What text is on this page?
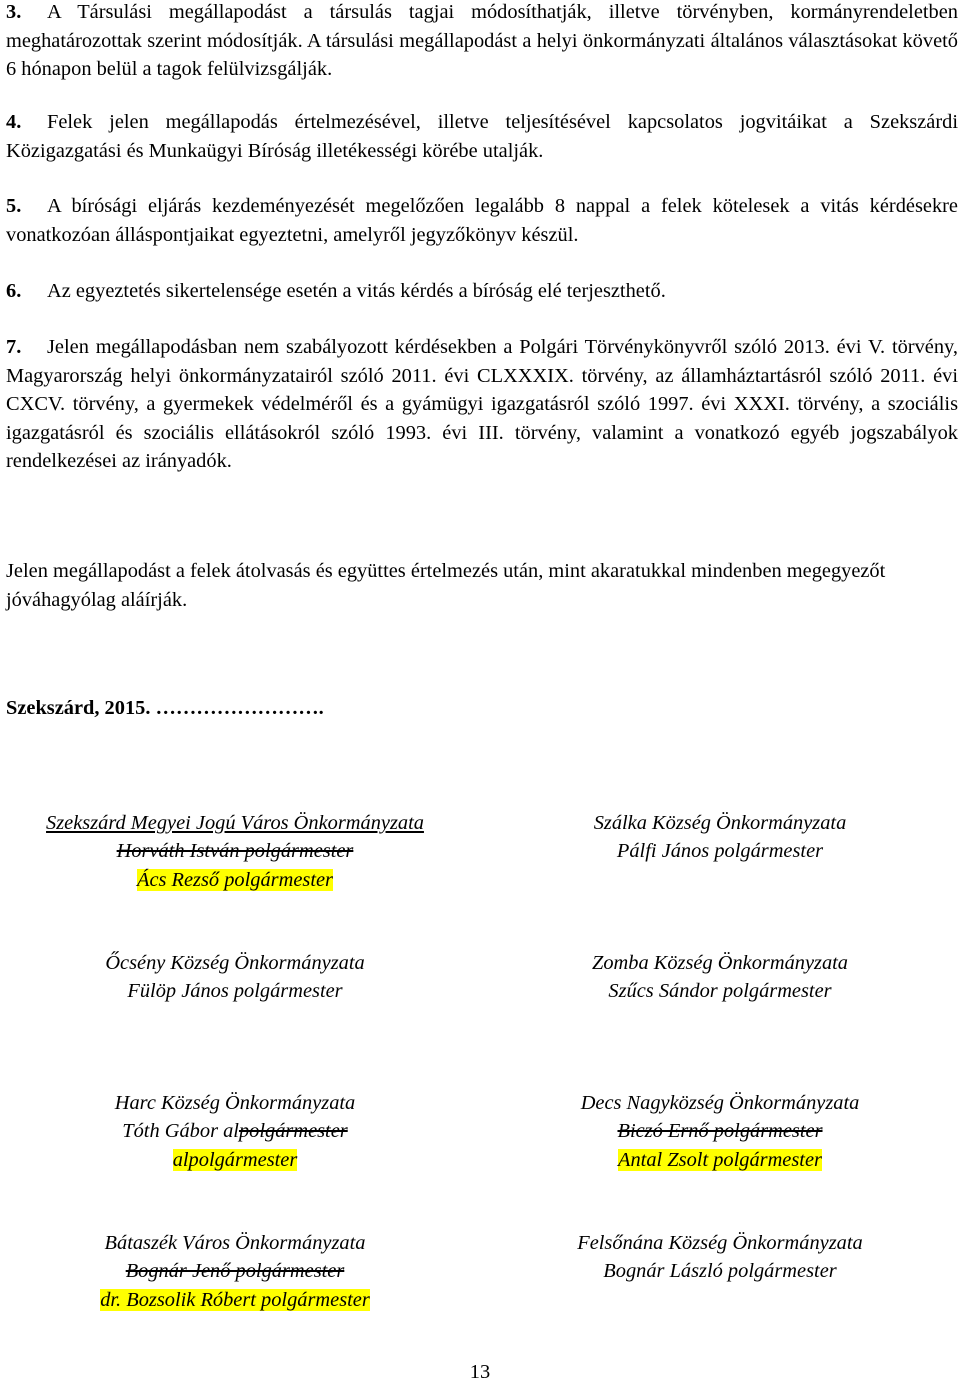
3. A Társulási megállapodást a társulás tagjai módosíthatják, illetve törvényben, kormányrendeletben meghatározottak szerint módosítják. A társulási megállapodást a helyi önkormányzati általános választásokat követő 6 hónapon belül a tagok felülvizsgálják.

4. Felek jelen megállapodás értelmezésével, illetve teljesítésével kapcsolatos jogvitáikat a Szekszárdi Közigazgatási és Munkaügyi Bíróság illetékességi körébe utalják.

5. A bírósági eljárás kezdeményezését megelőzően legalább 8 nappal a felek kötelesek a vitás kérdésekre vonatkozóan álláspontjaikat egyeztetni, amelyről jegyzőkönyv készül.

6. Az egyeztetés sikertelensége esetén a vitás kérdés a bíróság elé terjeszthető.

7. Jelen megállapodásban nem szabályozott kérdésekben a Polgári Törvénykönyvről szóló 2013. évi V. törvény, Magyarország helyi önkormányzatairól szóló 2011. évi CLXXXIX. törvény, az államháztartásról szóló 2011. évi CXCV. törvény, a gyermekek védelméről és a gyámügyi igazgatásról szóló 1997. évi XXXI. törvény, a szociális igazgatásról és szociális ellátásokról szóló 1993. évi III. törvény, valamint a vonatkozó egyéb jogszabályok rendelkezései az irányadók.

Jelen megállapodást a felek átolvasás és együttes értelmezés után, mint akaratukkal mindenben megegyezőt jóváhagyólag aláírják.

Szekszárd, 2015. …………………….

Szekszárd Megyei Jogú Város Önkormányzata
Horváth István polgármester
Ács Rezső polgármester
Szálka Község Önkormányzata
Pálfi János polgármester
Őcsény Község Önkormányzata
Fülöp János polgármester
Zomba Község Önkormányzata
Szűcs Sándor polgármester
Harc Község Önkormányzata
Tóth Gábor alpolgármester
alpolgármester
Decs Nagyközség Önkormányzata
Biczó Ernő polgármester
Antal Zsolt polgármester
Bátaszék Város Önkormányzata
Bognár Jenő polgármester
dr. Bozsolik Róbert polgármester
Felsőnána Község Önkormányzata
Bognár László polgármester
13
